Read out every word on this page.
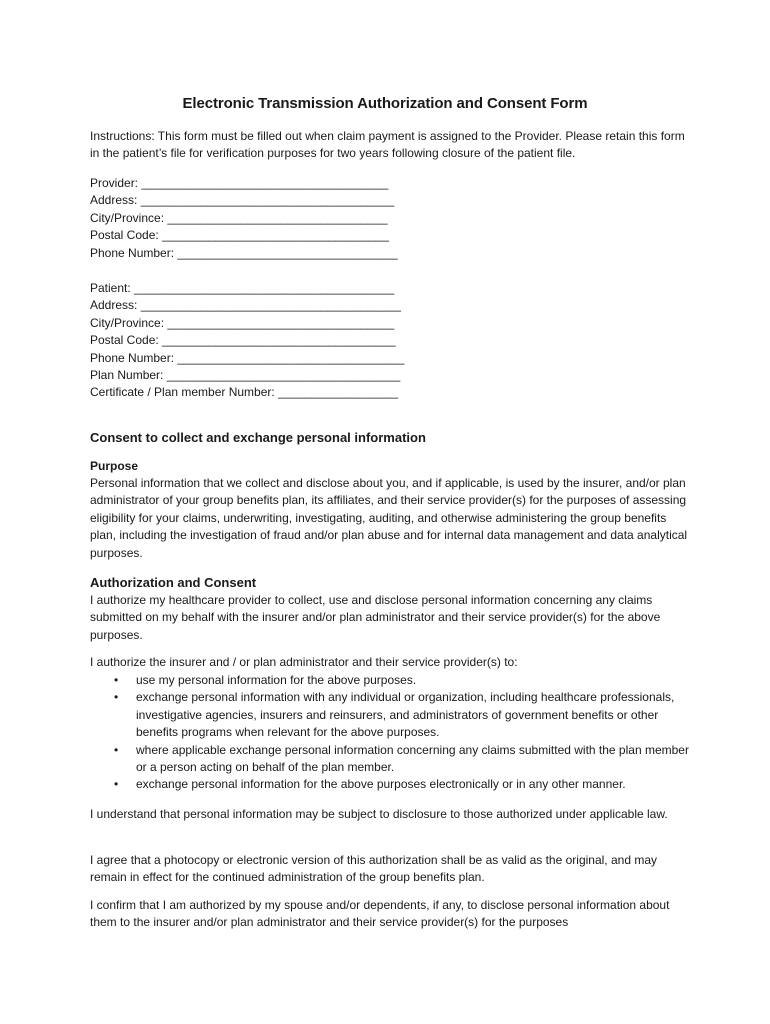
Electronic Transmission Authorization and Consent Form

Instructions: This form must be filled out when claim payment is assigned to the Provider. Please retain this form in the patient’s file for verification purposes for two years following closure of the patient file.

Provider: _____________________________________
Address: ______________________________________
City/Province: _________________________________
Postal Code: __________________________________
Phone Number: _________________________________
Patient: _______________________________________
Address: _______________________________________
City/Province: __________________________________
Postal Code: ___________________________________
Phone Number: __________________________________
Plan Number: ___________________________________
Certificate / Plan member Number: __________________
Consent to collect and exchange personal information
Purpose

Personal information that we collect and disclose about you, and if applicable, is used by the insurer, and/or plan administrator of your group benefits plan, its affiliates, and their service provider(s) for the purposes of assessing eligibility for your claims, underwriting, investigating, auditing, and otherwise administering the group benefits plan, including the investigation of fraud and/or plan abuse and for internal data management and data analytical purposes.

Authorization and Consent

I authorize my healthcare provider to collect, use and disclose personal information concerning any claims submitted on my behalf with the insurer and/or plan administrator and their service provider(s) for the above purposes.

I authorize the insurer and / or plan administrator and their service provider(s) to:

• use my personal information for the above purposes.
• exchange personal information with any individual or organization, including healthcare professionals, investigative agencies, insurers and reinsurers, and administrators of government benefits or other benefits programs when relevant for the above purposes.
• where applicable exchange personal information concerning any claims submitted with the plan member or a person acting on behalf of the plan member.
• exchange personal information for the above purposes electronically or in any other manner.

I understand that personal information may be subject to disclosure to those authorized under applicable law.

I agree that a photocopy or electronic version of this authorization shall be as valid as the original, and may remain in effect for the continued administration of the group benefits plan.

I confirm that I am authorized by my spouse and/or dependents, if any, to disclose personal information about them to the insurer and/or plan administrator and their service provider(s) for the purposes
